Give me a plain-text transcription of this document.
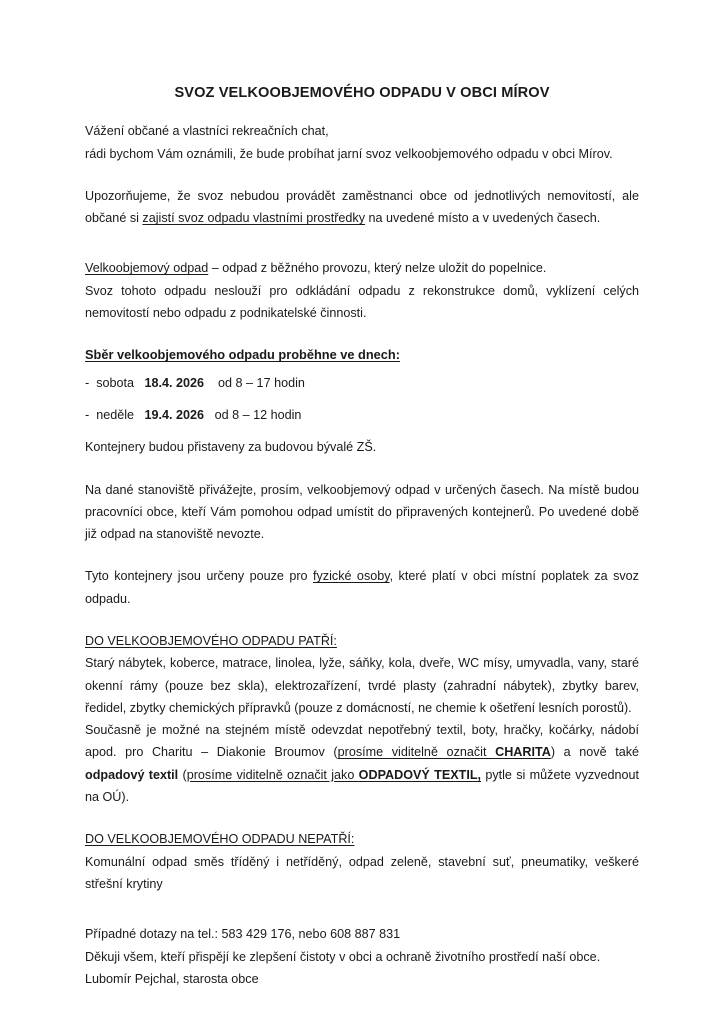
SVOZ VELKOOBJEMOVÉHO ODPADU V OBCI MÍROV

Vážení občané a vlastníci rekreačních chat,

rádi bychom Vám oznámili, že bude probíhat jarní svoz velkoobjemového odpadu v obci Mírov.

Upozorňujeme, že svoz nebudou provádět zaměstnanci obce od jednotlivých nemovitostí, ale občané si zajistí svoz odpadu vlastními prostředky na uvedené místo a v uvedených časech.

Velkoobjemový odpad – odpad z běžného provozu, který nelze uložit do popelnice.

Svoz tohoto odpadu neslouží pro odkládání odpadu z rekonstrukce domů, vyklízení celých nemovitostí nebo odpadu z podnikatelské činnosti.

Sběr velkoobjemového odpadu proběhne ve dnech:

-  sobota 18.4. 2026 od 8 – 17 hodin

-  neděle 19.4. 2026 od 8 – 12 hodin

Kontejnery budou přistaveny za budovou bývalé ZŠ.

Na dané stanoviště přivážejte, prosím, velkoobjemový odpad v určených časech. Na místě budou pracovníci obce, kteří Vám pomohou odpad umístit do připravených kontejnerů. Po uvedené době již odpad na stanoviště nevozte.

Tyto kontejnery jsou určeny pouze pro fyzické osoby, které platí v obci místní poplatek za svoz odpadu.

DO VELKOOBJEMOVÉHO ODPADU PATŘÍ:

Starý nábytek, koberce, matrace, linolea, lyže, sáňky, kola, dveře, WC mísy, umyvadla, vany, staré okenní rámy (pouze bez skla), elektrozařízení, tvrdé plasty (zahradní nábytek), zbytky barev, ředidel, zbytky chemických přípravků (pouze z domácností, ne chemie k ošetření lesních porostů).

Současně je možné na stejném místě odevzdat nepotřebný textil, boty, hračky, kočárky, nádobí apod. pro Charitu – Diakonie Broumov (prosíme viditelně označit CHARITA) a nově také odpadový textil (prosíme viditelně označit jako ODPADOVÝ TEXTIL, pytle si můžete vyzvednout na OÚ).

DO VELKOOBJEMOVÉHO ODPADU NEPATŘÍ:

Komunální odpad směs tříděný i netříděný, odpad zeleně, stavební suť, pneumatiky, veškeré střešní krytiny

Případné dotazy na tel.: 583 429 176, nebo 608 887 831

Děkuji všem, kteří přispějí ke zlepšení čistoty v obci a ochraně životního prostředí naší obce.

Lubomír Pejchal, starosta obce
